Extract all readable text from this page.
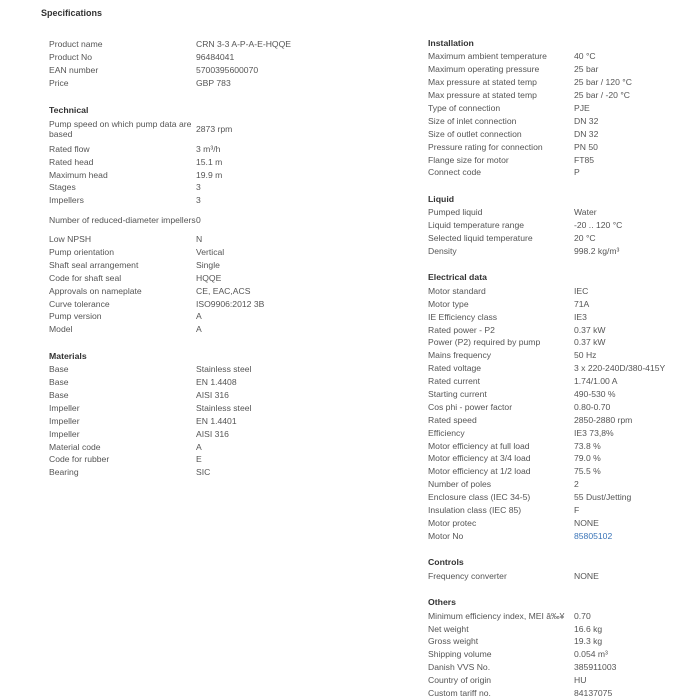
Specifications
Product name	CRN 3-3 A-P-A-E-HQQE
Product No	96484041
EAN number	5700395600070
Price	GBP 783
Technical
Pump speed on which pump data are based	2873 rpm
Rated flow	3 m³/h
Rated head	15.1 m
Maximum head	19.9 m
Stages	3
Impellers	3
Number of reduced-diameter impellers 0
Low NPSH	N
Pump orientation	Vertical
Shaft seal arrangement	Single
Code for shaft seal	HQQE
Approvals on nameplate	CE, EAC,ACS
Curve tolerance	ISO9906:2012 3B
Pump version	A
Model	A
Materials
Base	Stainless steel
Base	EN 1.4408
Base	AISI 316
Impeller	Stainless steel
Impeller	EN 1.4401
Impeller	AISI 316
Material code	A
Code for rubber	E
Bearing	SIC
Installation
Maximum ambient temperature	40 °C
Maximum operating pressure	25 bar
Max pressure at stated temp	25 bar / 120 °C
Max pressure at stated temp	25 bar / -20 °C
Type of connection	PJE
Size of inlet connection	DN 32
Size of outlet connection	DN 32
Pressure rating for connection	PN 50
Flange size for motor	FT85
Connect code	P
Liquid
Pumped liquid	Water
Liquid temperature range	-20 .. 120 °C
Selected liquid temperature	20 °C
Density	998.2 kg/m³
Electrical data
Motor standard	IEC
Motor type	71A
IE Efficiency class	IE3
Rated power - P2	0.37 kW
Power (P2) required by pump	0.37 kW
Mains frequency	50 Hz
Rated voltage	3 x 220-240D/380-415Y
Rated current	1.74/1.00 A
Starting current	490-530 %
Cos phi - power factor	0.80-0.70
Rated speed	2850-2880 rpm
Efficiency	IE3 73,8%
Motor efficiency at full load	73.8 %
Motor efficiency at 3/4 load	79.0 %
Motor efficiency at 1/2 load	75.5 %
Number of poles	2
Enclosure class (IEC 34-5)	55 Dust/Jetting
Insulation class (IEC 85)	F
Motor protec	NONE
Motor No	85805102
Controls
Frequency converter	NONE
Others
Minimum efficiency index, MEI â‰¥	0.70
Net weight	16.6 kg
Gross weight	19.3 kg
Shipping volume	0.054 m³
Danish VVS No.	385911003
Country of origin	HU
Custom tariff no.	84137075
